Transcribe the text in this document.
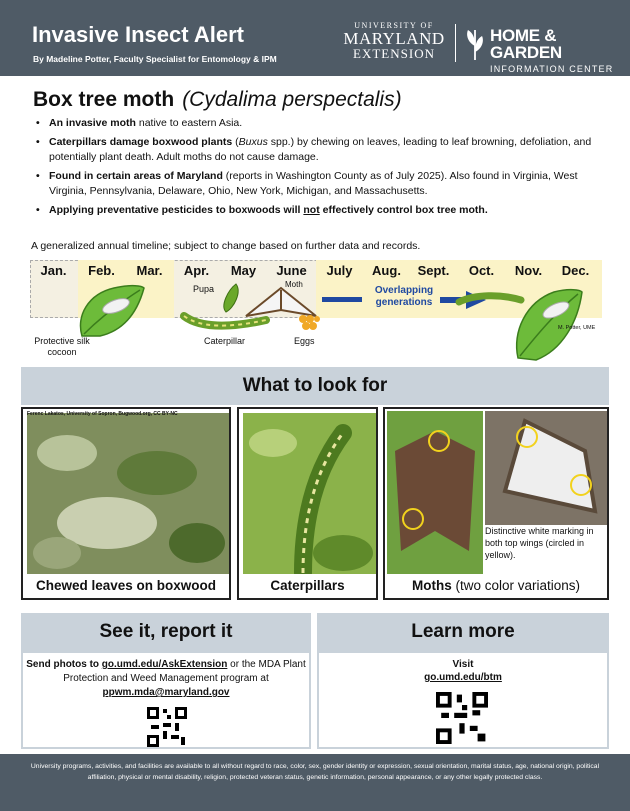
Invasive Insect Alert
By Madeline Potter, Faculty Specialist for Entomology & IPM
UNIVERSITY OF
MARYLAND
EXTENSION
HOME & GARDEN
INFORMATION CENTER
Box tree moth (Cydalima perspectalis)
• An invasive moth native to eastern Asia.
• Caterpillars damage boxwood plants (Buxus spp.) by chewing on leaves, leading to leaf browning, defoliation, and potentially plant death. Adult moths do not cause damage.
• Found in certain areas of Maryland (reports in Washington County as of July 2025). Also found in Virginia, West Virginia, Pennsylvania, Delaware, Ohio, New York, Michigan, and Massachusetts.
• Applying preventative pesticides to boxwoods will not effectively control box tree moth.
A generalized annual timeline; subject to change based on further data and records.
Jan.	Feb.	Mar.	Apr.	May	June	July	Aug.	Sept.	Oct.	Nov.	Dec.
Protective silk cocoon
Pupa
Caterpillar
Moth
Eggs
Overlapping generations
M. Potter, UME
What to look for
Ferenc Lakatos, University of Sopron, Bugwood.org, CC BY-NC
Chewed leaves on boxwood	Caterpillars
Distinctive white marking in both top wings (circled in yellow).
Moths (two color variations)
See it, report it	Learn more
Send photos to go.umd.edu/AskExtension or the MDA Plant Protection and Weed Management program at
ppwm.mda@maryland.gov
Visit
go.umd.edu/btm

University programs, activities, and facilities are available to all without regard to race, color, sex, gender identity or expression, sexual orientation, marital status, age, national origin, political affiliation, physical or mental disability, religion, protected veteran status, genetic information, personal appearance, or any other legally protected class.
